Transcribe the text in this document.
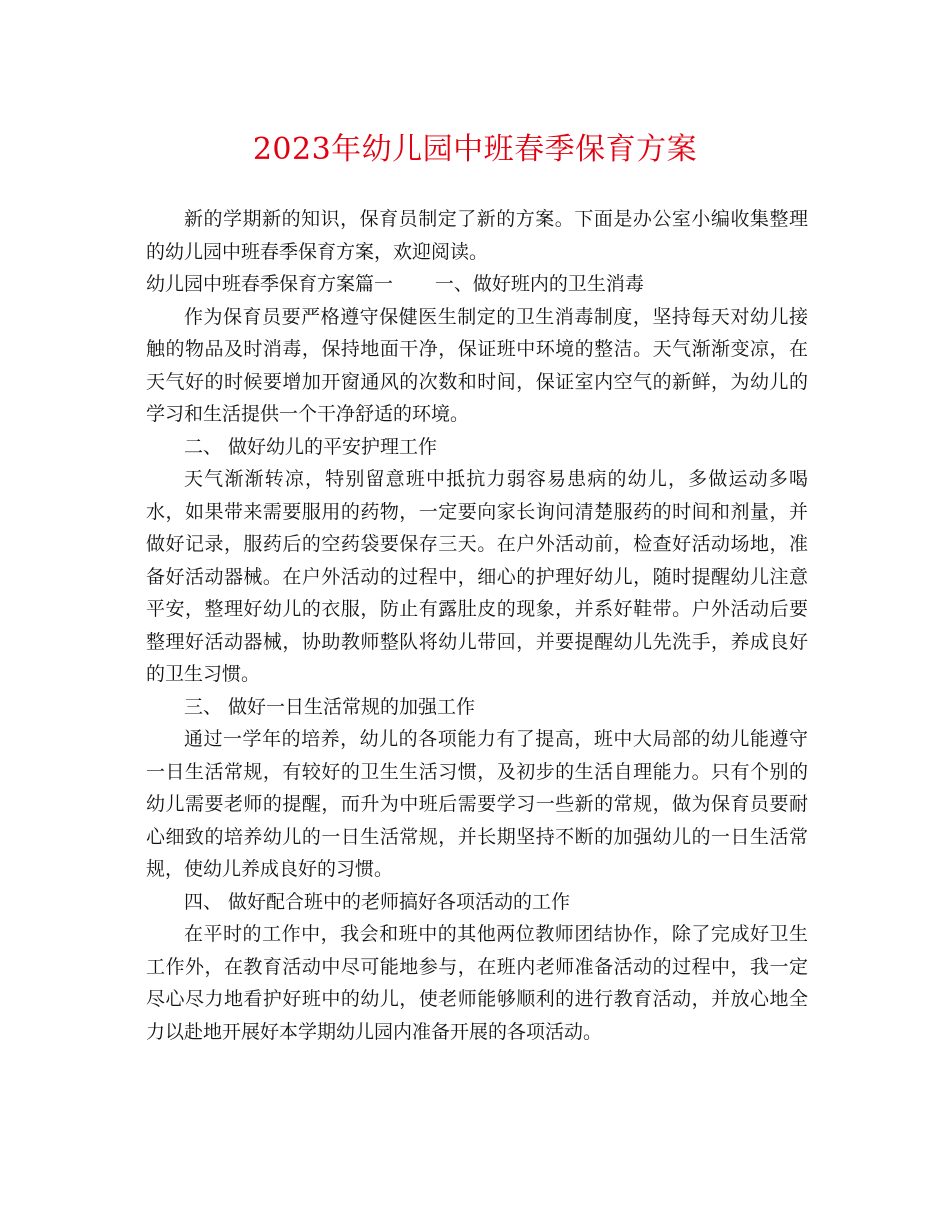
2023年幼儿园中班春季保育方案

新的学期新的知识，保育员制定了新的方案。下面是办公室小编收集整理的幼儿园中班春季保育方案，欢迎阅读。

幼儿园中班春季保育方案篇一 一、做好班内的卫生消毒

作为保育员要严格遵守保健医生制定的卫生消毒制度，坚持每天对幼儿接触的物品及时消毒，保持地面干净，保证班中环境的整洁。天气渐渐变凉，在天气好的时候要增加开窗通风的次数和时间，保证室内空气的新鲜，为幼儿的学习和生活提供一个干净舒适的环境。

二、 做好幼儿的平安护理工作

天气渐渐转凉，特别留意班中抵抗力弱容易患病的幼儿，多做运动多喝水，如果带来需要服用的药物，一定要向家长询问清楚服药的时间和剂量，并做好记录，服药后的空药袋要保存三天。在户外活动前，检查好活动场地，准备好活动器械。在户外活动的过程中，细心的护理好幼儿，随时提醒幼儿注意平安，整理好幼儿的衣服，防止有露肚皮的现象，并系好鞋带。户外活动后要整理好活动器械，协助教师整队将幼儿带回，并要提醒幼儿先洗手，养成良好的卫生习惯。

三、 做好一日生活常规的加强工作

通过一学年的培养，幼儿的各项能力有了提高，班中大局部的幼儿能遵守一日生活常规，有较好的卫生生活习惯，及初步的生活自理能力。只有个别的幼儿需要老师的提醒，而升为中班后需要学习一些新的常规，做为保育员要耐心细致的培养幼儿的一日生活常规，并长期坚持不断的加强幼儿的一日生活常规，使幼儿养成良好的习惯。

四、 做好配合班中的老师搞好各项活动的工作

在平时的工作中，我会和班中的其他两位教师团结协作，除了完成好卫生工作外，在教育活动中尽可能地参与，在班内老师准备活动的过程中，我一定尽心尽力地看护好班中的幼儿，使老师能够顺利的进行教育活动，并放心地全力以赴地开展好本学期幼儿园内准备开展的各项活动。
